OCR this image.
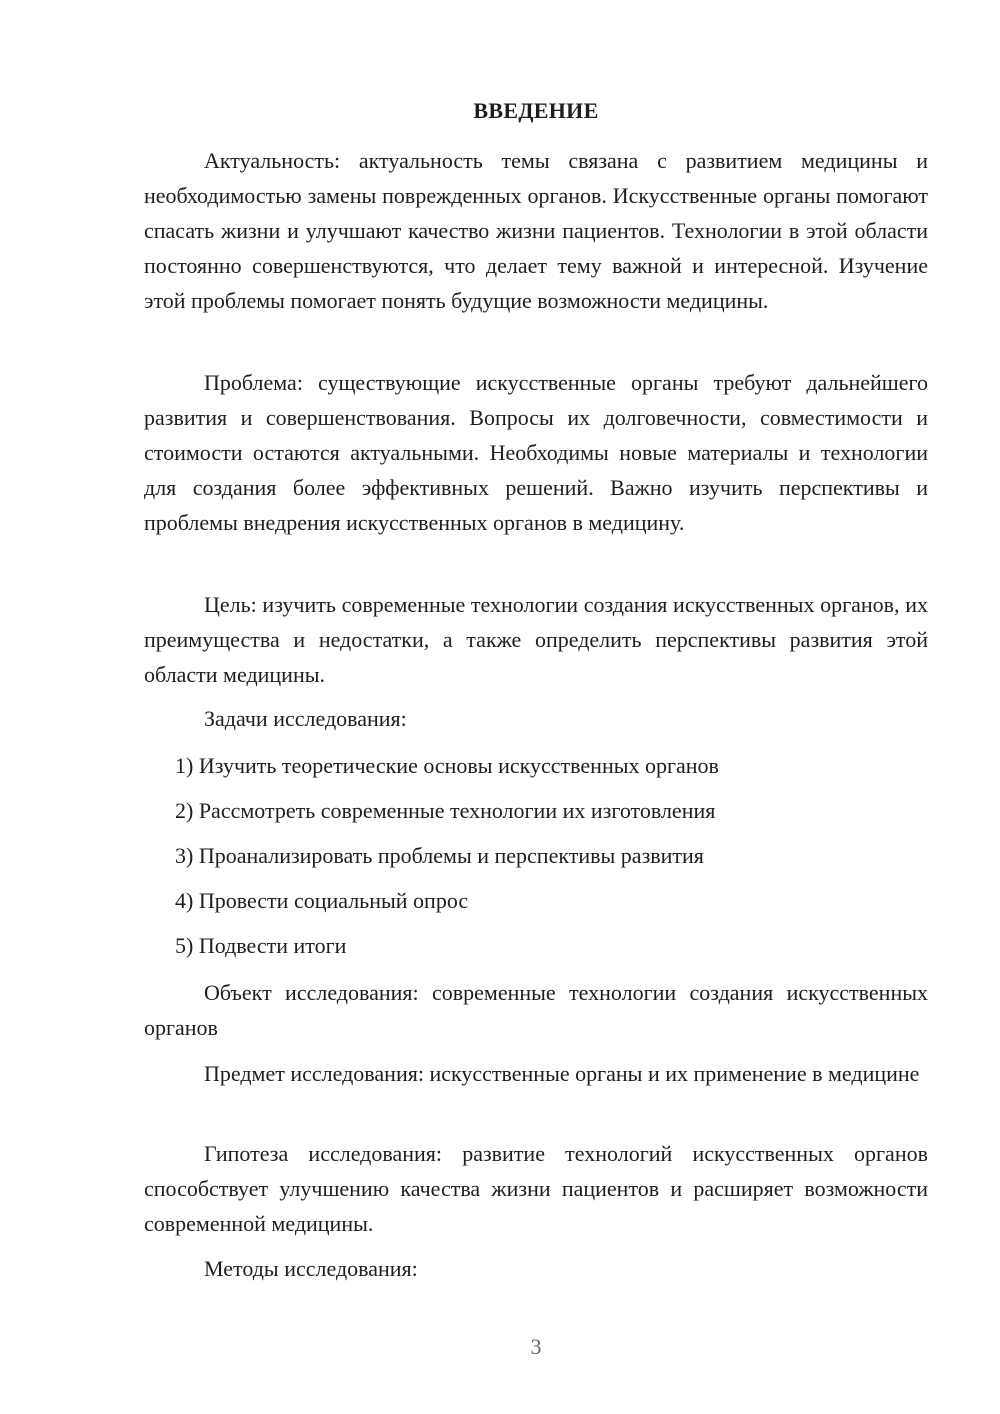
ВВЕДЕНИЕ

Актуальность: актуальность темы связана с развитием медицины и необходимостью замены поврежденных органов. Искусственные органы помогают спасать жизни и улучшают качество жизни пациентов. Технологии в этой области постоянно совершенствуются, что делает тему важной и интересной. Изучение этой проблемы помогает понять будущие возможности медицины.

Проблема: существующие искусственные органы требуют дальнейшего развития и совершенствования. Вопросы их долговечности, совместимости и стоимости остаются актуальными. Необходимы новые материалы и технологии для создания более эффективных решений. Важно изучить перспективы и проблемы внедрения искусственных органов в медицину.

Цель: изучить современные технологии создания искусственных органов, их преимущества и недостатки, а также определить перспективы развития этой области медицины.

Задачи исследования:

1) Изучить теоретические основы искусственных органов
2) Рассмотреть современные технологии их изготовления
3) Проанализировать проблемы и перспективы развития
4) Провести социальный опрос
5) Подвести итоги

Объект исследования: современные технологии создания искусственных органов

Предмет исследования: искусственные органы и их применение в медицине

Гипотеза исследования: развитие технологий искусственных органов способствует улучшению качества жизни пациентов и расширяет возможности современной медицины.

Методы исследования:

3
